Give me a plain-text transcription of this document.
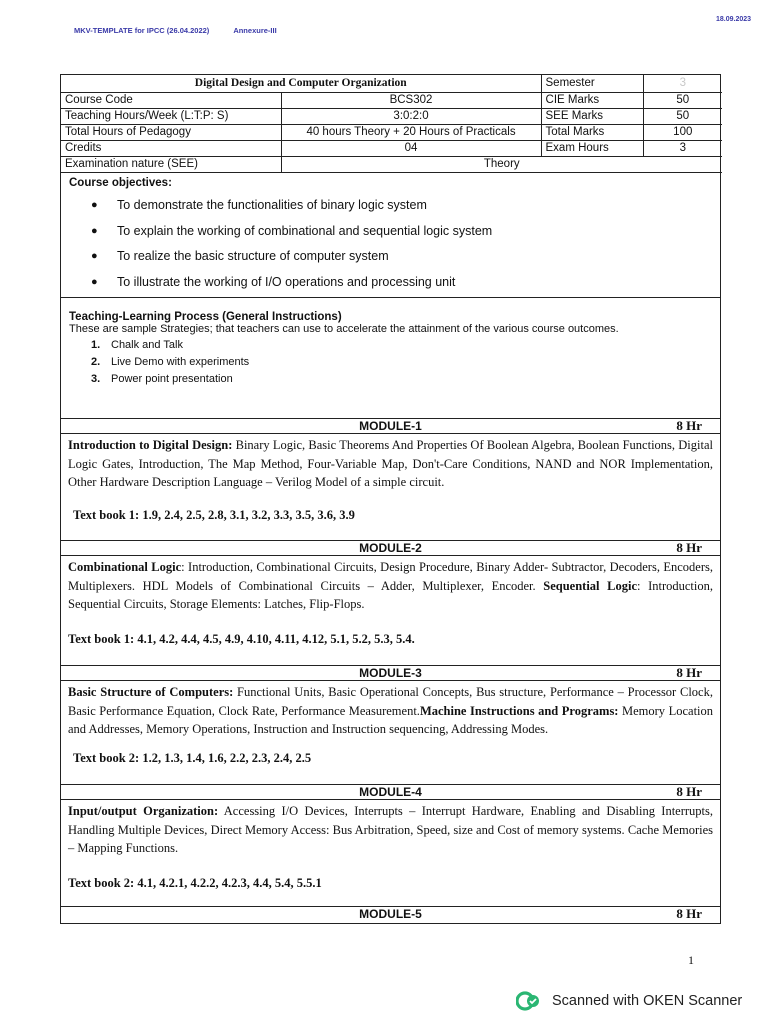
MKV-TEMPLATE for IPCC (26.04.2022)	Annexure-III
18.09.2023
Digital Design and Computer Organization		Semester	3
Course Code	BCS302	CIE Marks	50
Teaching Hours/Week (L:T:P: S)	3:0:2:0	SEE Marks	50
Total Hours of Pedagogy	40 hours Theory + 20 Hours of Practicals	Total Marks	100
Credits	04	Exam Hours	3
Examination nature (SEE)	Theory		
Course objectives:
● To demonstrate the functionalities of binary logic system
● To explain the working of combinational and sequential logic system
● To realize the basic structure of computer system
● To illustrate the working of I/O operations and processing unit
Teaching-Learning Process (General Instructions)
These are sample Strategies; that teachers can use to accelerate the attainment of the various course outcomes.
1. Chalk and Talk
2. Live Demo with experiments
3. Power point presentation
MODULE-1	8 Hr
Introduction to Digital Design: Binary Logic, Basic Theorems And Properties Of Boolean Algebra, Boolean Functions, Digital Logic Gates, Introduction, The Map Method, Four-Variable Map, Don't-Care Conditions, NAND and NOR Implementation, Other Hardware Description Language – Verilog Model of a simple circuit.
Text book 1: 1.9, 2.4, 2.5, 2.8, 3.1, 3.2, 3.3, 3.5, 3.6, 3.9
MODULE-2	8 Hr
Combinational Logic: Introduction, Combinational Circuits, Design Procedure, Binary Adder- Subtractor, Decoders, Encoders, Multiplexers. HDL Models of Combinational Circuits – Adder, Multiplexer, Encoder. Sequential Logic: Introduction, Sequential Circuits, Storage Elements: Latches, Flip-Flops.
Text book 1: 4.1, 4.2, 4.4, 4.5, 4.9, 4.10, 4.11, 4.12, 5.1, 5.2, 5.3, 5.4.
MODULE-3	8 Hr
Basic Structure of Computers: Functional Units, Basic Operational Concepts, Bus structure, Performance – Processor Clock, Basic Performance Equation, Clock Rate, Performance Measurement.Machine Instructions and Programs: Memory Location and Addresses, Memory Operations, Instruction and Instruction sequencing, Addressing Modes.
Text book 2: 1.2, 1.3, 1.4, 1.6, 2.2, 2.3, 2.4, 2.5
MODULE-4	8 Hr
Input/output Organization: Accessing I/O Devices, Interrupts – Interrupt Hardware, Enabling and Disabling Interrupts, Handling Multiple Devices, Direct Memory Access: Bus Arbitration, Speed, size and Cost of memory systems. Cache Memories – Mapping Functions.
Text book 2: 4.1, 4.2.1, 4.2.2, 4.2.3, 4.4, 5.4, 5.5.1
MODULE-5	8 Hr
1
Scanned with OKEN Scanner
